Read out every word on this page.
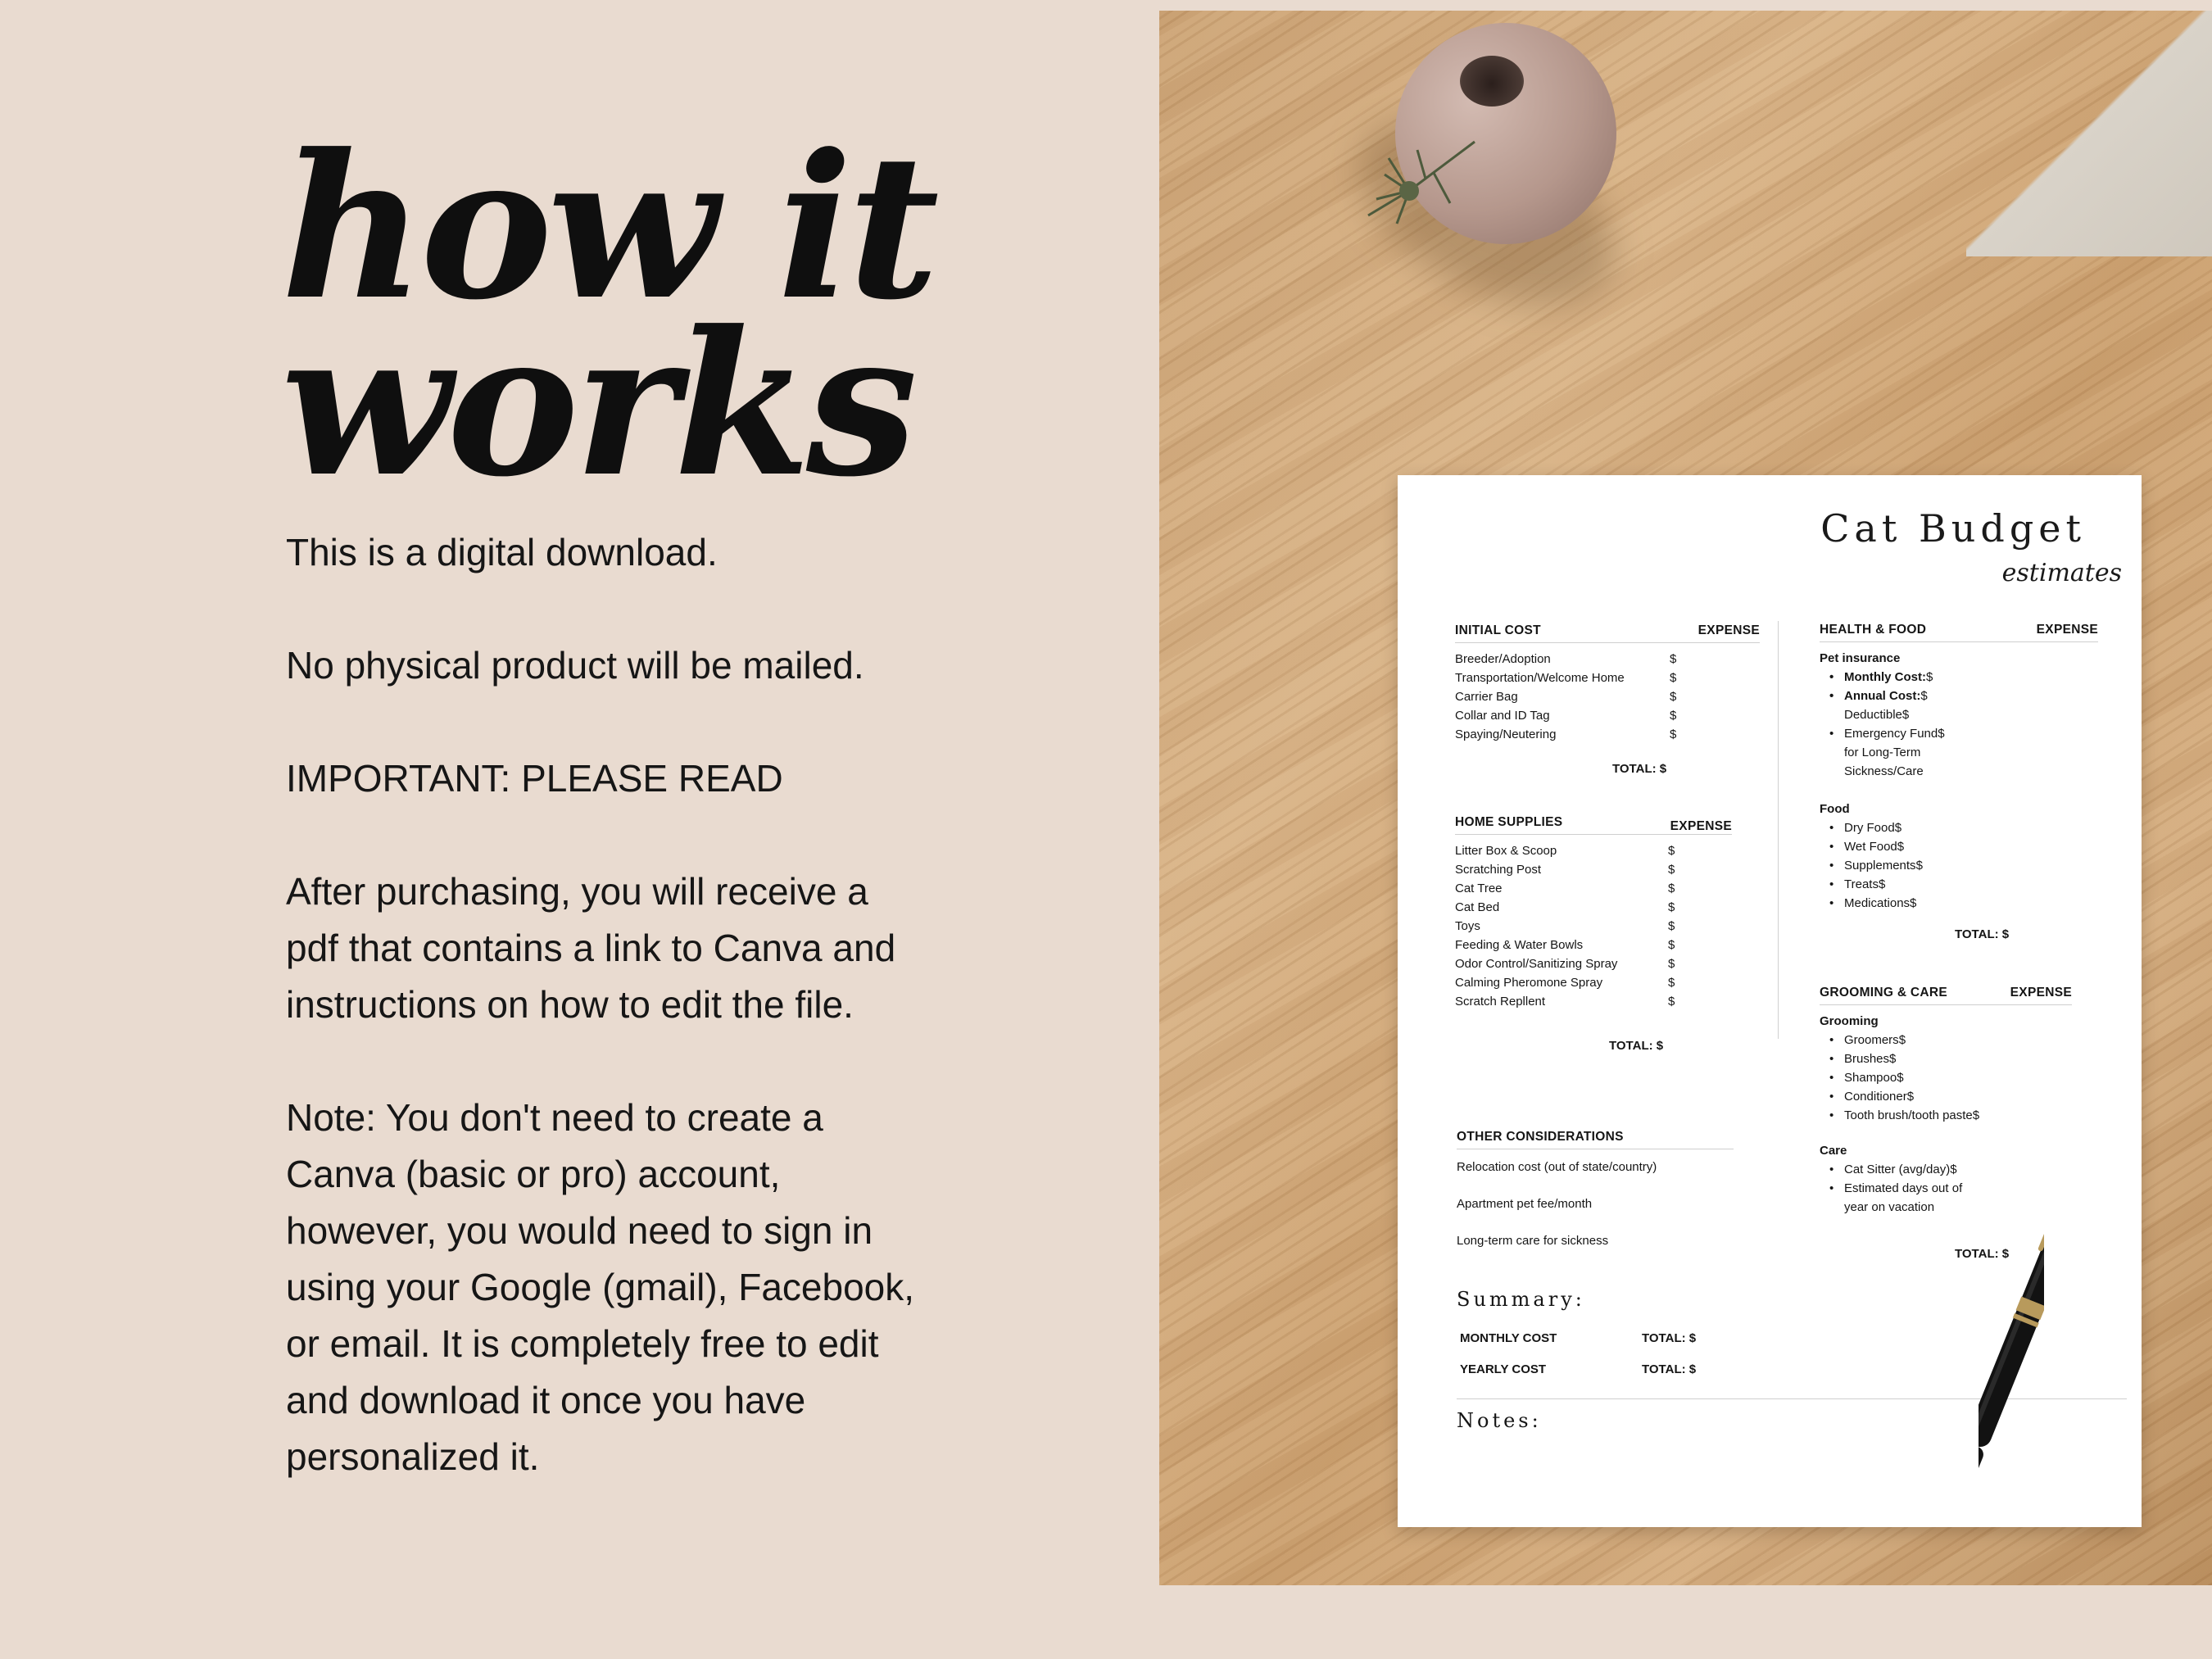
how it
works

This is a digital download.

No physical product will be mailed.

IMPORTANT: PLEASE READ

After purchasing, you will receive a

pdf that contains a link to Canva and

instructions on how to edit the file.

Note: You don't need to create a

Canva (basic or pro) account,

however, you would need to sign in

using your Google (gmail), Facebook,

or email. It is completely free to edit

and download it once you have

personalized it.

Cat Budget
estimates
INITIAL COST	EXPENSE
Breeder/Adoption	$
Transportation/Welcome Home	$
Carrier Bag	$
Collar and ID Tag	$
Spaying/Neutering	$
TOTAL: $
HOME SUPPLIES	EXPENSE
Litter Box & Scoop	$
Scratching Post	$
Cat Tree	$
Cat Bed	$
Toys	$
Feeding & Water Bowls	$
Odor Control/Sanitizing Spray	$
Calming Pheromone Spray	$
Scratch Repllent	$
TOTAL: $
OTHER CONSIDERATIONS
Relocation cost (out of state/country)
Apartment pet fee/month
Long-term care for sickness
HEALTH & FOOD	EXPENSE
Pet insurance
• Monthly Cost:$
• Annual Cost:$
Deductible$
• Emergency Fund$
for Long-Term
Sickness/Care
Food
• Dry Food$
• Wet Food$
• Supplements$
• Treats$
• Medications$
TOTAL: $
GROOMING & CARE	EXPENSE
Grooming
• Groomers$
• Brushes$
• Shampoo$
• Conditioner$
• Tooth brush/tooth paste$
Care
• Cat Sitter (avg/day)$
• Estimated days out of
year on vacation
TOTAL: $
Summary:
MONTHLY COST	TOTAL: $
YEARLY COST	TOTAL: $
Notes:
